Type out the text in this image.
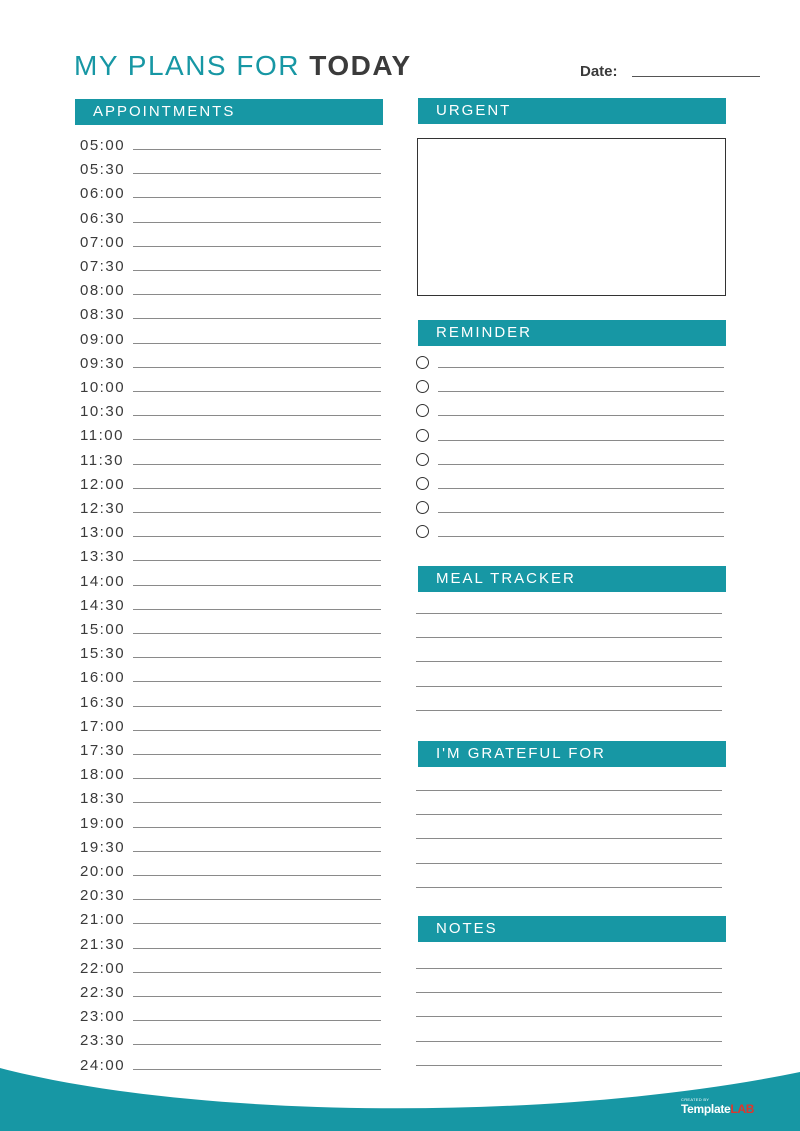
MY PLANS FOR TODAY	Date:
APPOINTMENTS	URGENT
REMINDER
MEAL TRACKER
I'M GRATEFUL FOR
NOTES
05:00
05:30
06:00
06:30
07:00
07:30
08:00
08:30
09:00
09:30
10:00
10:30
11:00
11:30
12:00
12:30
13:00
13:30
14:00
14:30
15:00
15:30
16:00
16:30
17:00
17:30
18:00
18:30
19:00
19:30
20:00
20:30
21:00
21:30
22:00
22:30
23:00
23:30
24:00
CREATED BY
TemplateLAB
